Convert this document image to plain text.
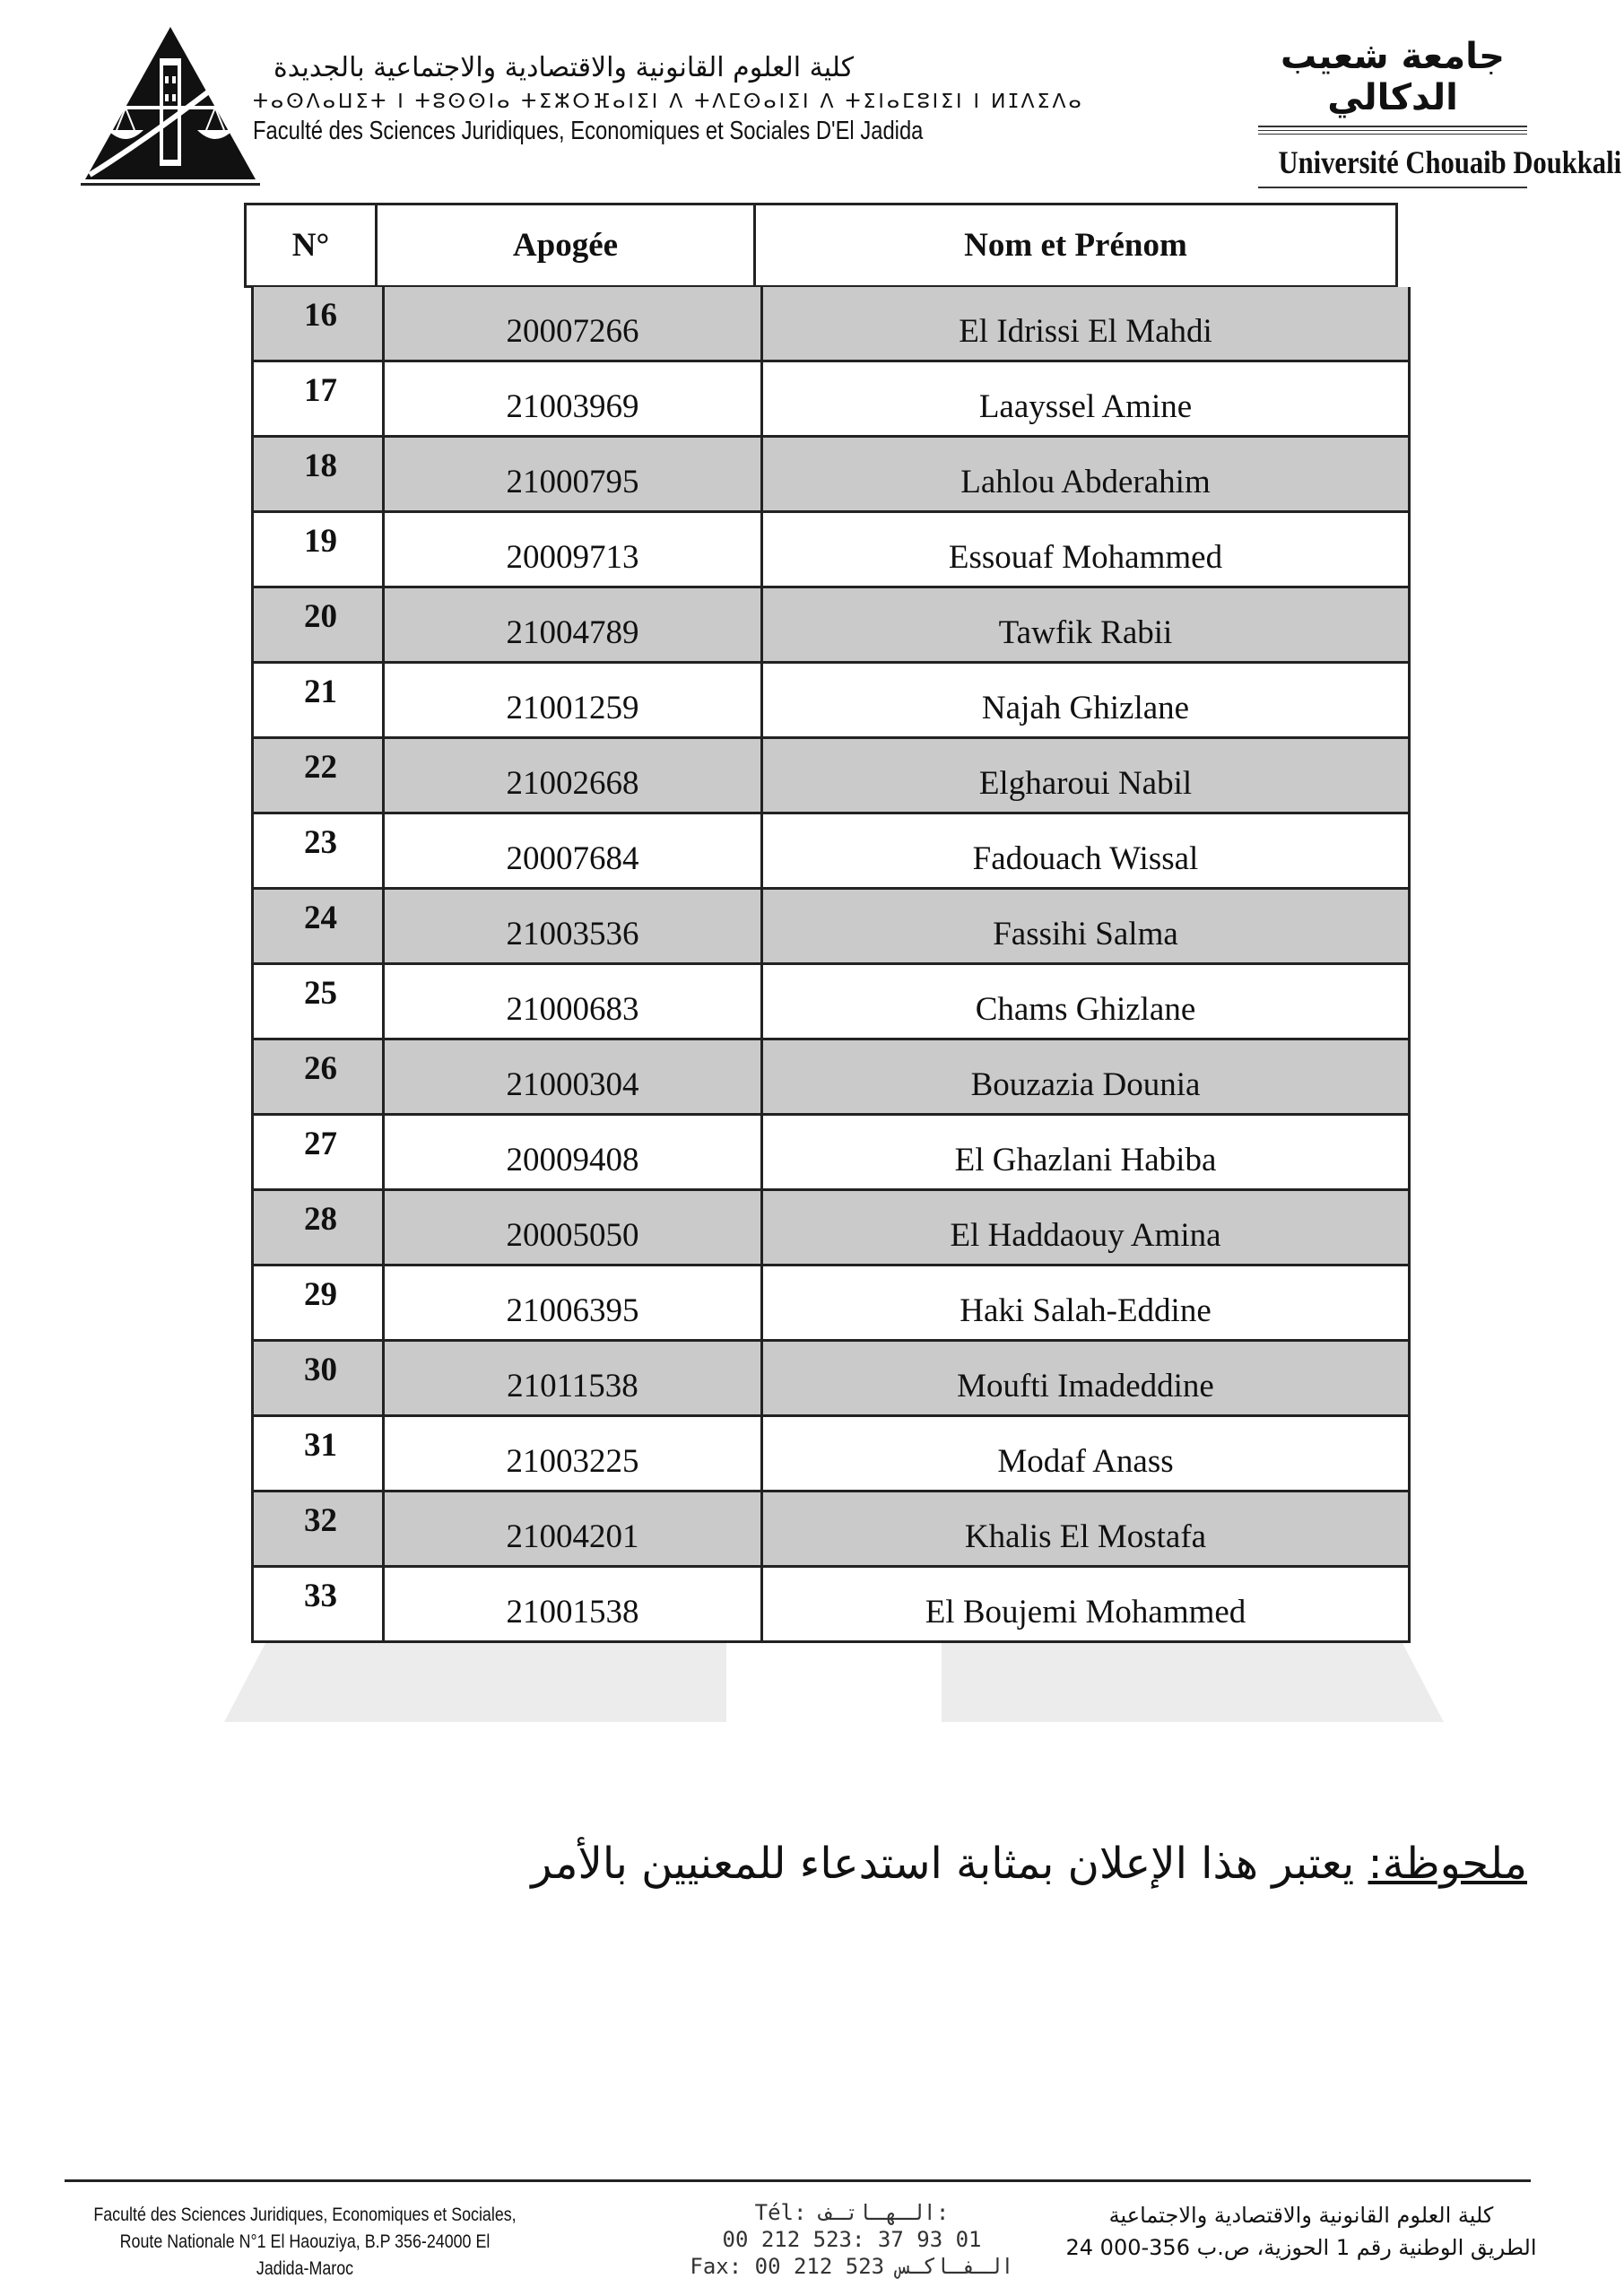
كلية العلوم القانونية والاقتصادية والاجتماعية بالجديدة
ⵜⴰⵙⴷⴰⵡⵉⵜ ⵏ ⵜⵓⵙⵙⵏⴰ ⵜⵉⵣⵔⴼⴰⵏⵉⵏ ⴷ ⵜⴷⵎⵙⴰⵏⵉⵏ ⴷ ⵜⵉⵏⴰⵎⵓⵏⵉⵏ ⵏ ⵍⵊⴷⵉⴷⴰ
Faculté des Sciences Juridiques, Economiques et Sociales D'El Jadida
جامعة شعيب الدكالي
Université Chouaib Doukkali
N°	Apogée	Nom et Prénom
16	20007266	El Idrissi El Mahdi
17	21003969	Laayssel Amine
18	21000795	Lahlou Abderahim
19	20009713	Essouaf Mohammed
20	21004789	Tawfik Rabii
21	21001259	Najah Ghizlane
22	21002668	Elgharoui Nabil
23	20007684	Fadouach Wissal
24	21003536	Fassihi Salma
25	21000683	Chams Ghizlane
26	21000304	Bouzazia Dounia
27	20009408	El Ghazlani Habiba
28	20005050	El Haddaouy Amina
29	21006395	Haki Salah-Eddine
30	21011538	Moufti Imadeddine
31	21003225	Modaf Anass
32	21004201	Khalis El Mostafa
33	21001538	El Boujemi Mohammed
ملحوظة: يعتبر هذا الإعلان بمثابة استدعاء للمعنيين بالأمر
Faculté des Sciences Juridiques, Economiques et Sociales,
Route Nationale N°1 El Haouziya, B.P 356-24000 El Jadida-Maroc
Tél: الـهـاتـف:
00 212 523: 37 93 01
Fax: 00 212 523 الـفـاكـس
كلية العلوم القانونية والاقتصادية والاجتماعية
الطريق الوطنية رقم 1 الحوزية، ص.ب 356-000 24
